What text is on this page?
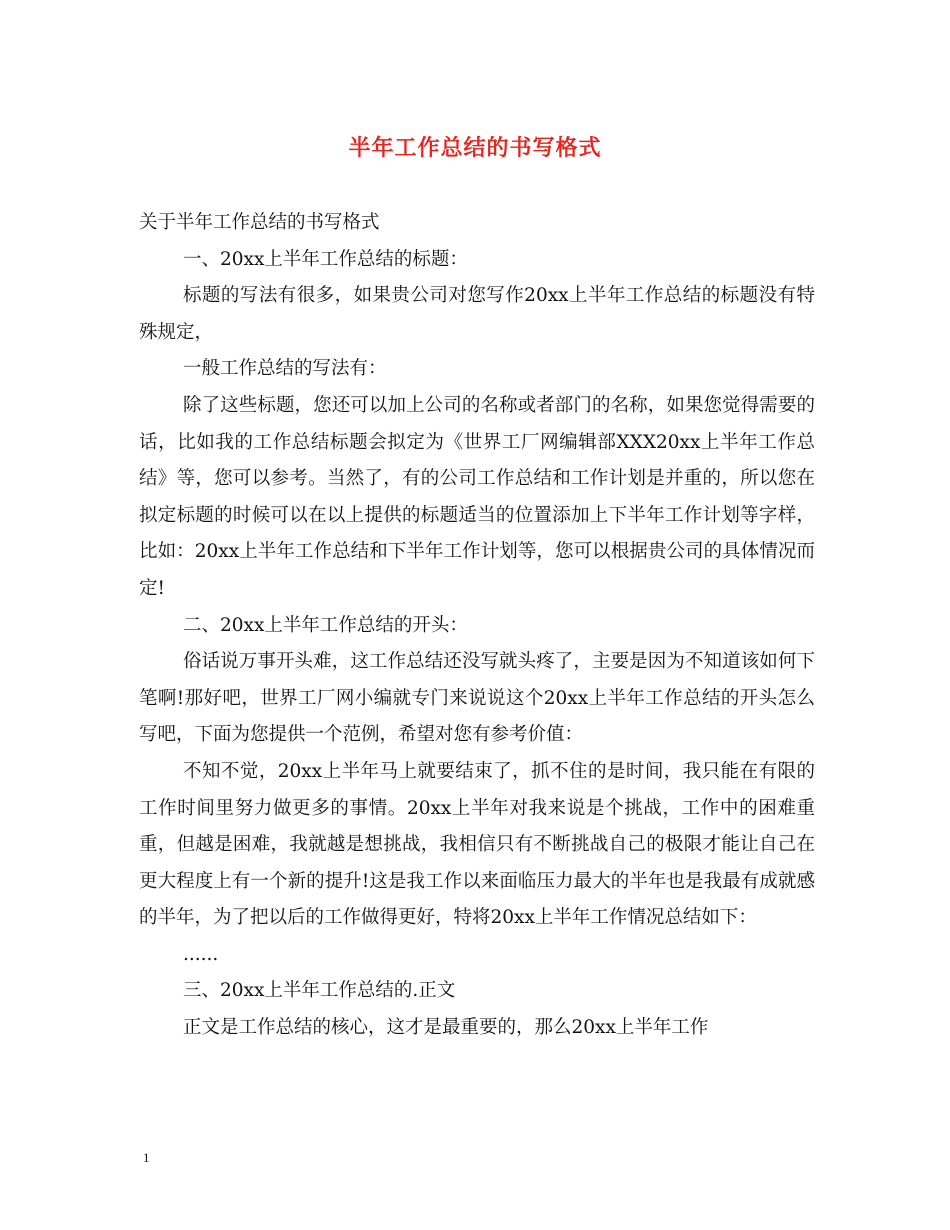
半年工作总结的书写格式

关于半年工作总结的书写格式

一、20xx上半年工作总结的标题：

标题的写法有很多，如果贵公司对您写作20xx上半年工作总结的标题没有特殊规定，

一般工作总结的写法有：

除了这些标题，您还可以加上公司的名称或者部门的名称，如果您觉得需要的话，比如我的工作总结标题会拟定为《世界工厂网编辑部XXX20xx上半年工作总结》等，您可以参考。当然了，有的公司工作总结和工作计划是并重的，所以您在拟定标题的时候可以在以上提供的标题适当的位置添加上下半年工作计划等字样，比如：20xx上半年工作总结和下半年工作计划等，您可以根据贵公司的具体情况而定!

二、20xx上半年工作总结的开头：

俗话说万事开头难，这工作总结还没写就头疼了，主要是因为不知道该如何下笔啊!那好吧，世界工厂网小编就专门来说说这个20xx上半年工作总结的开头怎么写吧，下面为您提供一个范例，希望对您有参考价值：

不知不觉，20xx上半年马上就要结束了，抓不住的是时间，我只能在有限的工作时间里努力做更多的事情。20xx上半年对我来说是个挑战，工作中的困难重重，但越是困难，我就越是想挑战，我相信只有不断挑战自己的极限才能让自己在更大程度上有一个新的提升!这是我工作以来面临压力最大的半年也是我最有成就感的半年，为了把以后的工作做得更好，特将20xx上半年工作情况总结如下：

......

三、20xx上半年工作总结的.正文

正文是工作总结的核心，这才是最重要的，那么20xx上半年工作

1
